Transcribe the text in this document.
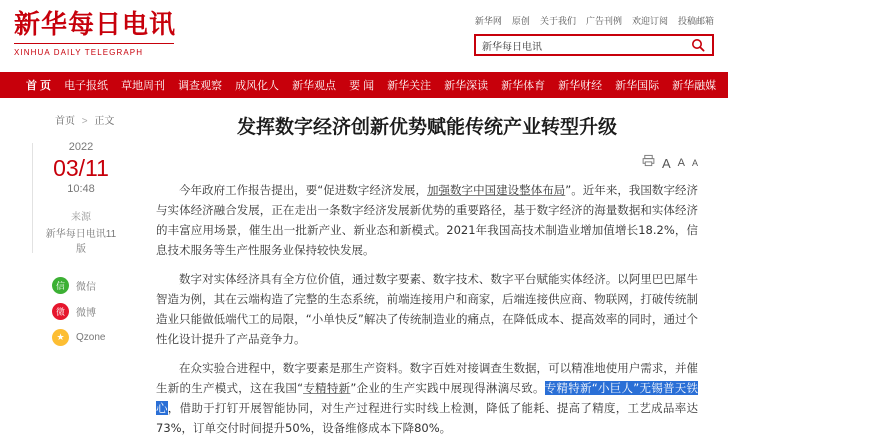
新华每日电讯
XINHUA DAILY TELEGRAPH
新华网 原创 关于我们 广告刊例 欢迎订阅 投稿邮箱
新华每日电讯
首 页 电子报纸 草地周刊 调查观察 成风化人 新华观点 要 闻 新华关注 新华深读 新华体育 新华财经 新华国际 新华融媒 精彩专题 医卫健康 看天下
首页 > 正文
2022
03/11
10:48
来源
新华每日电讯11版
信	微信
微	微博
★	Qzone
发挥数字经济创新优势赋能传统产业转型升级
A A A

今年政府工作报告提出，要“促进数字经济发展，加强数字中国建设整体布局”。近年来，我国数字经济与实体经济融合发展，正在走出一条数字经济发展新优势的重要路径，基于数字经济的海量数据和实体经济的丰富应用场景，催生出一批新产业、新业态和新模式。2021年我国高技术制造业增加值增长18.2%，信息技术服务等生产性服务业保持较快发展。

数字对实体经济具有全方位价值，通过数字要素、数字技术、数字平台赋能实体经济。以阿里巴巴犀牛智造为例，其在云端构造了完整的生态系统，前端连接用户和商家，后端连接供应商、物联网，打破传统制造业只能做低端代工的局限，“小单快反”解决了传统制造业的痛点，在降低成本、提高效率的同时，通过个性化设计提升了产品竞争力。

在众实验合进程中，数字要素是那生产资料。数字百姓对接调查生数据，可以精准地使用户需求，并催生新的生产模式，这在我国“专精特新”企业的生产实践中展现得淋漓尽致。专精特新“小巨人”无锡普天铁心，借助于打钉开展智能协同，对生产过程进行实时线上检测，降低了能耗、提高了精度，工艺成品率达73%，订单交付时间提升50%，设备维修成本下降80%。
